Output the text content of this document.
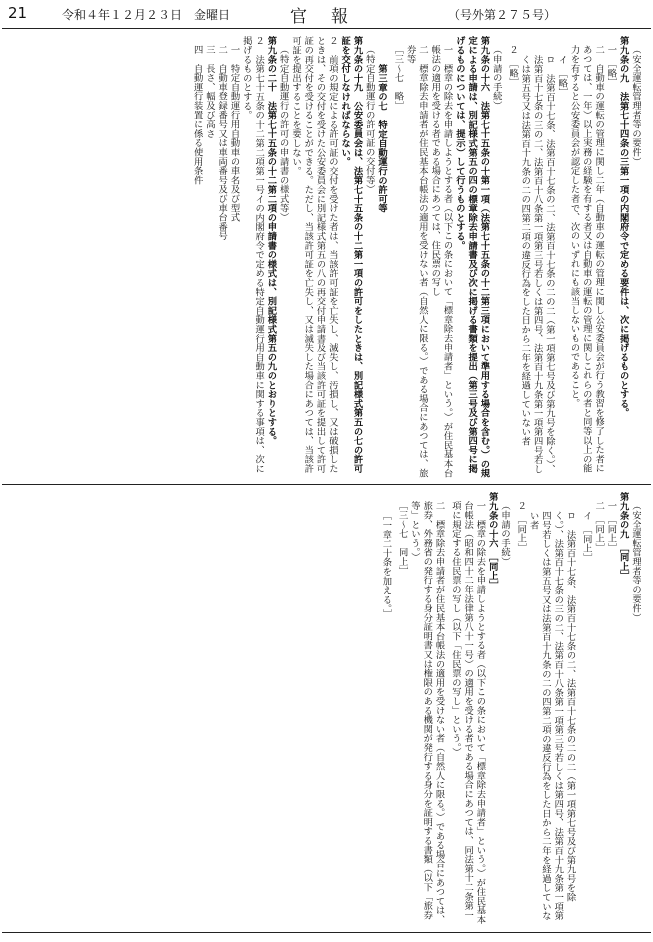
21	令和４年１２月２３日　金曜日	官報	（号外第２７５号）

（安全運転管理者等の要件）

第九条の九　法第七十四条の三第一項の内閣府令で定める要件は、次に掲げるものとする。

一　［略］

二　自動車の運転の管理に関し二年（自動車の運転の管理に関し公安委員会が行う教習を修了した者にあつては、一年）以上実務の経験を有する者又は自動車の運転の管理に関しこれらの者と同等以上の能力を有すると公安委員会が認定した者で、次のいずれにも該当しないものであること。

イ　［略］

ロ　法第百十七条、法第百十七条の二、法第百十七条の二の二（第一項第七号及び第九号を除く。）、法第百十七条の三の二、法第百十八条第一項第三号若しくは第四号、法第百十九条第一項第四号若しくは第五号又は法第百十九条の二の四第二項の違反行為をした日から二年を経過していない者

２　［略］

（申請の手続）

第九条の十六　法第七十五条の十第一項（法第七十五条の十二第三項において準用する場合を含む。）の規定による申請は、別記様式第五の四の標章除去申請書及び次に掲げる書類を提出（第三号及び第四号に掲げるものについては、提示）して行うものとする。

一　標章の除去を申請しようとする者（以下この条において「標章除去申請者」という。）が住民基本台帳法の適用を受ける者である場合にあつては、住民票の写し

二　標章除去申請者が住民基本台帳法の適用を受けない者（自然人に限る。）である場合にあつては、旅券等

［三～七　略］

第三章の七　特定自動運行の許可等

（特定自動運行の許可証の交付等）

第九条の十九　公安委員会は、法第七十五条の十二第一項の許可をしたときは、別記様式第五の七の許可証を交付しなければならない。

２　前項の規定による許可証の交付を受けた者は、当該許可証を亡失し、滅失し、汚損し、又は破損したときは、その交付を受けた公安委員会に別記様式第五の八の再交付申請書及び当該許可証を提出して許可証の再交付を受けることができる。ただし、当該許可証を亡失し、又は滅失した場合にあつては、当該許可証を提出することを要しない。

（特定自動運行の許可の申請書の様式等）

第九条の二十　法第七十五条の十二第二項の申請書の様式は、別記様式第五の九のとおりとする。

２　法第七十五条の十二第二項第一号イの内閣府令で定める特定自動運行用自動車に関する事項は、次に掲げるものとする。

一　特定自動運行用自動車の車名及び型式

二　自動車登録番号又は車両番号及び車台番号

三　長さ、幅及び高さ

四　自動運行装置に係る使用条件

（安全運転管理者等の要件）

第九条の九　［同上］

一　［同上］

二　［同上］

イ　［同上］

ロ　法第百十七条、法第百十七条の二、法第百十七条の二の二（第一項第七号及び第九号を除く。）、法第百十七条の三の二、法第百十八条第一項第三号若しくは第四号、法第百十九条第一項第四号若しくは第五号又は法第百十九条の二の四第二項の違反行為をした日から二年を経過していない者

２　［同上］

（申請の手続）

第九条の十六　［同上］

一　標章の除去を申請しようとする者（以下この条において「標章除去申請者」という。）が住民基本台帳法（昭和四十二年法律第八十一号）の適用を受ける者である場合にあつては、同法第十二条第一項に規定する住民票の写し（以下「住民票の写し」という。）

二　標章除去申請者が住民基本台帳法の適用を受けない者（自然人に限る。）である場合にあつては、旅券、外務省の発行する身分証明書又は権限のある機関が発行する身分を証明する書類（以下「旅券等」という。）

［三～七　同上］

［一章二十条を加える。］
